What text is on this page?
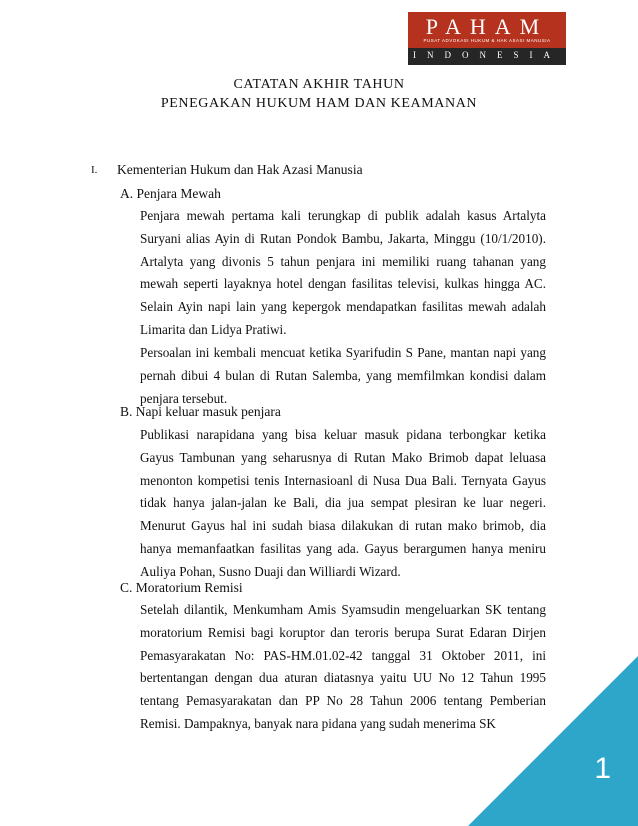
PAHAM
PUSAT ADVOKASI HUKUM & HAK ASASI MANUSIA
INDONESIA
CATATAN AKHIR TAHUN
PENEGAKAN HUKUM HAM DAN KEAMANAN
I. Kementerian Hukum dan Hak Azasi Manusia
A. Penjara Mewah
Penjara mewah pertama kali terungkap di publik adalah kasus Artalyta Suryani alias Ayin di Rutan Pondok Bambu, Jakarta, Minggu (10/1/2010). Artalyta yang divonis 5 tahun penjara ini memiliki ruang tahanan yang mewah seperti layaknya hotel dengan fasilitas televisi, kulkas hingga AC. Selain Ayin napi lain yang kepergok mendapatkan fasilitas mewah adalah Limarita dan Lidya Pratiwi.
Persoalan ini kembali mencuat ketika Syarifudin S Pane, mantan napi yang pernah dibui 4 bulan di Rutan Salemba, yang memfilmkan kondisi dalam penjara tersebut.
B. Napi keluar masuk penjara
Publikasi narapidana yang bisa keluar masuk pidana terbongkar ketika Gayus Tambunan yang seharusnya di Rutan Mako Brimob dapat leluasa menonton kompetisi tenis Internasioanl di Nusa Dua Bali. Ternyata Gayus tidak hanya jalan-jalan ke Bali, dia jua sempat plesiran ke luar negeri. Menurut Gayus hal ini sudah biasa dilakukan di rutan mako brimob, dia hanya memanfaatkan fasilitas yang ada. Gayus berargumen hanya meniru Auliya Pohan, Susno Duaji dan Williardi Wizard.
C. Moratorium Remisi
Setelah dilantik, Menkumham Amis Syamsudin mengeluarkan SK tentang moratorium Remisi bagi koruptor dan teroris berupa Surat Edaran Dirjen Pemasyarakatan No: PAS-HM.01.02-42 tanggal 31 Oktober 2011, ini bertentangan dengan dua aturan diatasnya yaitu UU No 12 Tahun 1995 tentang Pemasyarakatan dan PP No 28 Tahun 2006 tentang Pemberian Remisi. Dampaknya, banyak nara pidana yang sudah menerima SK
1
